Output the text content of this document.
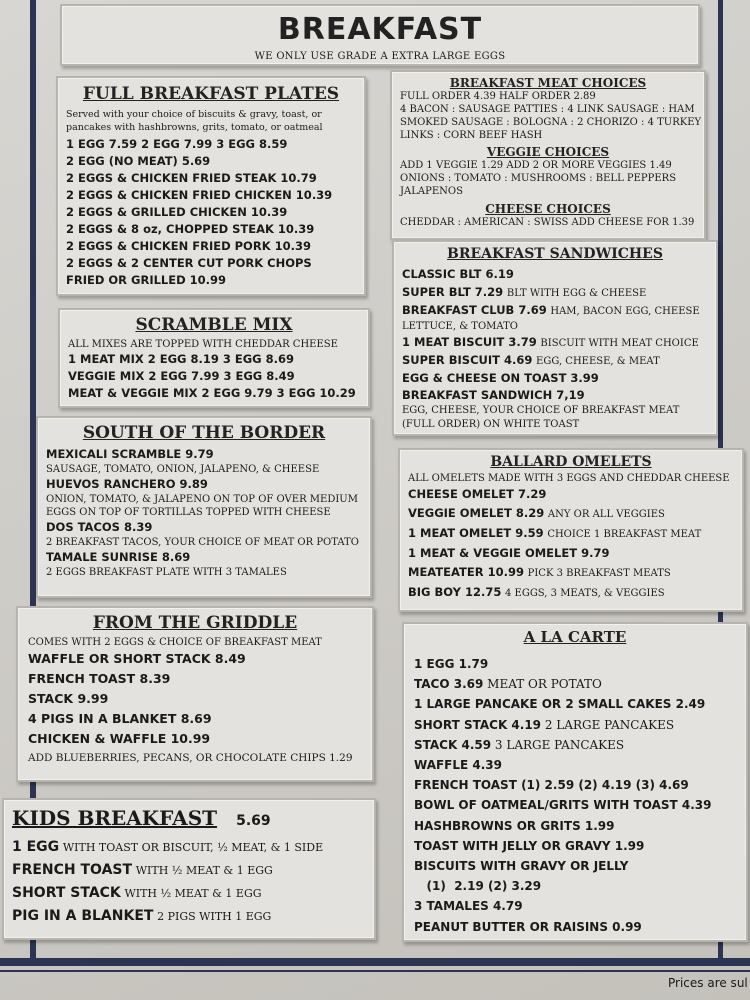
BREAKFAST
WE ONLY USE GRADE A EXTRA LARGE EGGS
FULL BREAKFAST PLATES
Served with your choice of biscuits & gravy, toast, or
pancakes with hashbrowns, grits, tomato, or oatmeal
1 EGG 7.59 2 EGG 7.99 3 EGG 8.59
2 EGG (NO MEAT) 5.69
2 EGGS & CHICKEN FRIED STEAK 10.79
2 EGGS & CHICKEN FRIED CHICKEN 10.39
2 EGGS & GRILLED CHICKEN 10.39
2 EGGS & 8 oz, CHOPPED STEAK 10.39
2 EGGS & CHICKEN FRIED PORK 10.39
2 EGGS & 2 CENTER CUT PORK CHOPS
FRIED OR GRILLED 10.99
SCRAMBLE MIX
ALL MIXES ARE TOPPED WITH CHEDDAR CHEESE
1 MEAT MIX 2 EGG 8.19 3 EGG 8.69
VEGGIE MIX 2 EGG 7.99 3 EGG 8.49
MEAT & VEGGIE MIX 2 EGG 9.79 3 EGG 10.29
SOUTH OF THE BORDER
MEXICALI SCRAMBLE 9.79
SAUSAGE, TOMATO, ONION, JALAPENO, & CHEESE
HUEVOS RANCHERO 9.89
ONION, TOMATO, & JALAPENO ON TOP OF OVER MEDIUM
EGGS ON TOP OF TORTILLAS TOPPED WITH CHEESE
DOS TACOS 8.39
2 BREAKFAST TACOS, YOUR CHOICE OF MEAT OR POTATO
TAMALE SUNRISE 8.69
2 EGGS BREAKFAST PLATE WITH 3 TAMALES
FROM THE GRIDDLE
COMES WITH 2 EGGS & CHOICE OF BREAKFAST MEAT
WAFFLE OR SHORT STACK 8.49
FRENCH TOAST 8.39
STACK 9.99
4 PIGS IN A BLANKET 8.69
CHICKEN & WAFFLE 10.99
ADD BLUEBERRIES, PECANS, OR CHOCOLATE CHIPS 1.29
KIDS BREAKFAST 5.69
1 EGG WITH TOAST OR BISCUIT, ½ MEAT, & 1 SIDE
FRENCH TOAST WITH ½ MEAT & 1 EGG
SHORT STACK WITH ½ MEAT & 1 EGG
PIG IN A BLANKET 2 PIGS WITH 1 EGG
BREAKFAST MEAT CHOICES
FULL ORDER 4.39 HALF ORDER 2.89
4 BACON : SAUSAGE PATTIES : 4 LINK SAUSAGE : HAM
SMOKED SAUSAGE : BOLOGNA : 2 CHORIZO : 4 TURKEY
LINKS : CORN BEEF HASH
VEGGIE CHOICES
ADD 1 VEGGIE 1.29 ADD 2 OR MORE VEGGIES 1.49
ONIONS : TOMATO : MUSHROOMS : BELL PEPPERS
JALAPENOS
CHEESE CHOICES
CHEDDAR : AMERICAN : SWISS ADD CHEESE FOR 1.39
BREAKFAST SANDWICHES
CLASSIC BLT 6.19
SUPER BLT 7.29 BLT WITH EGG & CHEESE
BREAKFAST CLUB 7.69 HAM, BACON EGG, CHEESE
LETTUCE, & TOMATO
1 MEAT BISCUIT 3.79 BISCUIT WITH MEAT CHOICE
SUPER BISCUIT 4.69 EGG, CHEESE, & MEAT
EGG & CHEESE ON TOAST 3.99
BREAKFAST SANDWICH 7,19
EGG, CHEESE, YOUR CHOICE OF BREAKFAST MEAT
(FULL ORDER) ON WHITE TOAST
BALLARD OMELETS
ALL OMELETS MADE WITH 3 EGGS AND CHEDDAR CHEESE
CHEESE OMELET 7.29
VEGGIE OMELET 8.29 ANY OR ALL VEGGIES
1 MEAT OMELET 9.59 CHOICE 1 BREAKFAST MEAT
1 MEAT & VEGGIE OMELET 9.79
MEATEATER 10.99 PICK 3 BREAKFAST MEATS
BIG BOY 12.75 4 EGGS, 3 MEATS, & VEGGIES
A LA CARTE
1 EGG 1.79
TACO 3.69 MEAT OR POTATO
1 LARGE PANCAKE OR 2 SMALL CAKES 2.49
SHORT STACK 4.19 2 LARGE PANCAKES
STACK 4.59 3 LARGE PANCAKES
WAFFLE 4.39
FRENCH TOAST (1) 2.59 (2) 4.19 (3) 4.69
BOWL OF OATMEAL/GRITS WITH TOAST 4.39
HASHBROWNS OR GRITS 1.99
TOAST WITH JELLY OR GRAVY 1.99
BISCUITS WITH GRAVY OR JELLY
(1)  2.19 (2) 3.29
3 TAMALES 4.79
PEANUT BUTTER OR RAISINS 0.99
Prices are sul
